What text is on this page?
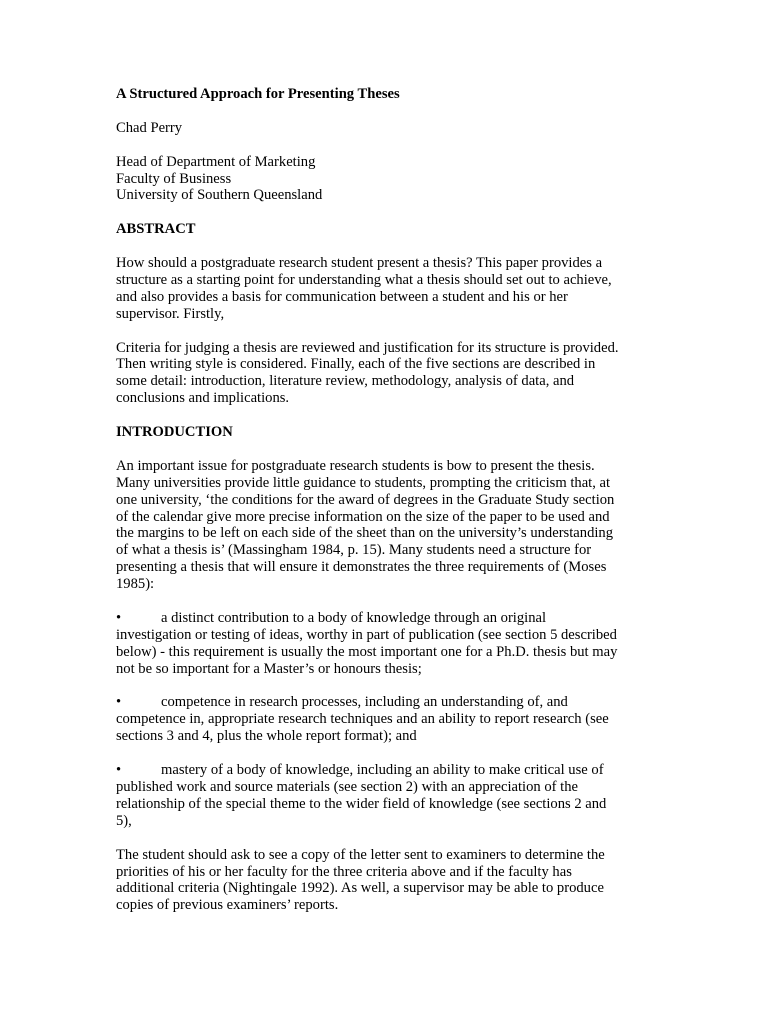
A Structured Approach for Presenting Theses
Chad Perry
Head of Department of Marketing
Faculty of Business
University of Southern Queensland
ABSTRACT
How should a postgraduate research student present a thesis? This paper provides a
structure as a starting point for understanding what a thesis should set out to achieve,
and also provides a basis for communication between a student and his or her
supervisor. Firstly,
Criteria for judging a thesis are reviewed and justification for its structure is provided.
Then writing style is considered. Finally, each of the five sections are described in
some detail: introduction, literature review, methodology, analysis of data, and
conclusions and implications.
INTRODUCTION
An important issue for postgraduate research students is bow to present the thesis.
Many universities provide little guidance to students, prompting the criticism that, at
one university, ‘the conditions for the award of degrees in the Graduate Study section
of the calendar give more precise information on the size of the paper to be used and
the margins to be left on each side of the sheet than on the university’s understanding
of what a thesis is’ (Massingham 1984, p. 15). Many students need a structure for
presenting a thesis that will ensure it demonstrates the three requirements of (Moses
1985):
•	a distinct contribution to a body of knowledge through an original
investigation or testing of ideas, worthy in part of publication (see section 5 described
below) - this requirement is usually the most important one for a Ph.D. thesis but may
not be so important for a Master’s or honours thesis;
•	competence in research processes, including an understanding of, and
competence in, appropriate research techniques and an ability to report research (see
sections 3 and 4, plus the whole report format); and
•	mastery of a body of knowledge, including an ability to make critical use of
published work and source materials (see section 2) with an appreciation of the
relationship of the special theme to the wider field of knowledge (see sections 2 and
5),
The student should ask to see a copy of the letter sent to examiners to determine the
priorities of his or her faculty for the three criteria above and if the faculty has
additional criteria (Nightingale 1992). As well, a supervisor may be able to produce
copies of previous examiners’ reports.
